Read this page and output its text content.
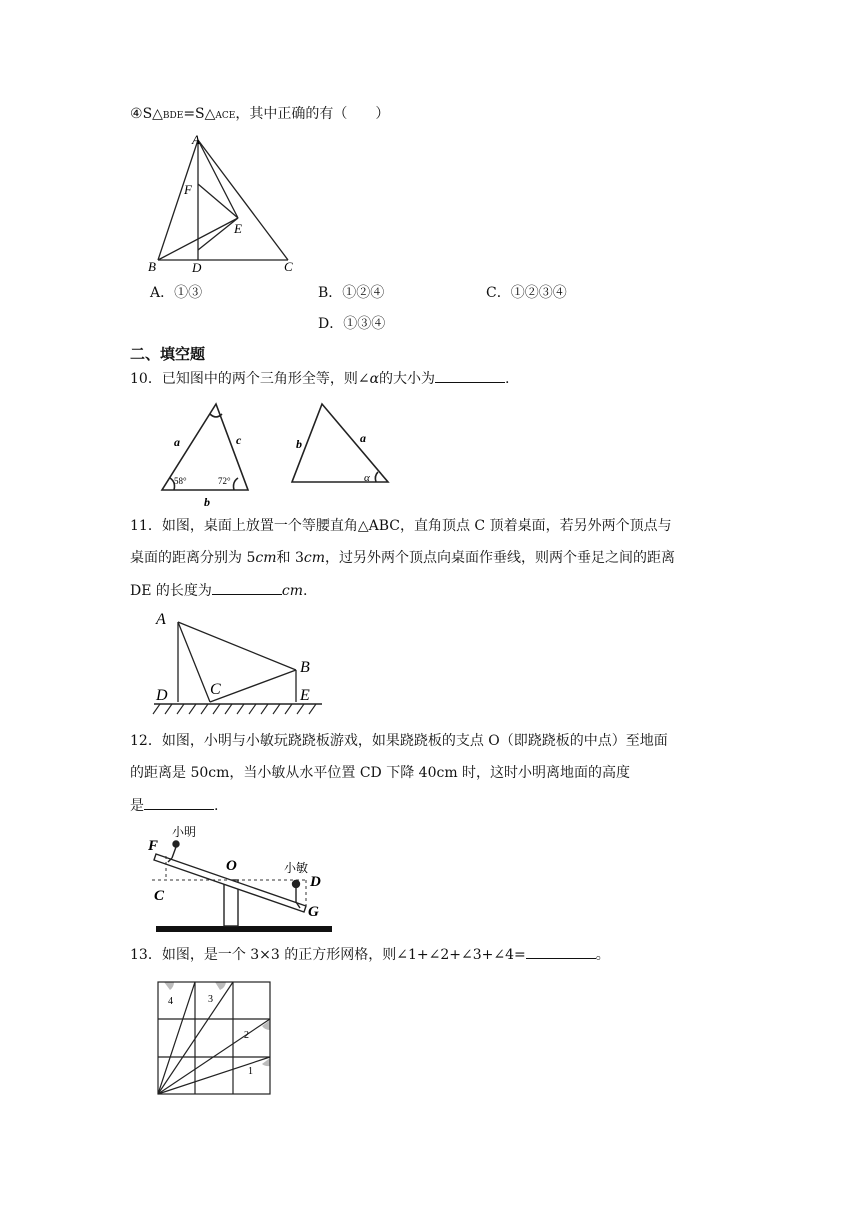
④S△BDE=S△ACE，其中正确的有（　　）
A
B	C
D
E
F
A．①③	B．①②④	C．①②③④
D．①③④
二、填空题
10．已知图中的两个三角形全等，则∠α的大小为	.
a	c
b
58°	72°
b	a
α
11．如图，桌面上放置一个等腰直角△ABC，直角顶点 C 顶着桌面，若另外两个顶点与
桌面的距离分别为 5cm和 3cm，过另外两个顶点向桌面作垂线，则两个垂足之间的距离
DE 的长度为	cm.
A
B
C
D	E
12．如图，小明与小敏玩跷跷板游戏，如果跷跷板的支点 O（即跷跷板的中点）至地面
的距离是 50cm，当小敏从水平位置 CD 下降 40cm 时，这时小明离地面的高度
是	.
小明
小敏
F
C
O
D
G
13．如图，是一个 3×3 的正方形网格，则∠1+∠2+∠3+∠4=	。
4	3
2
1
